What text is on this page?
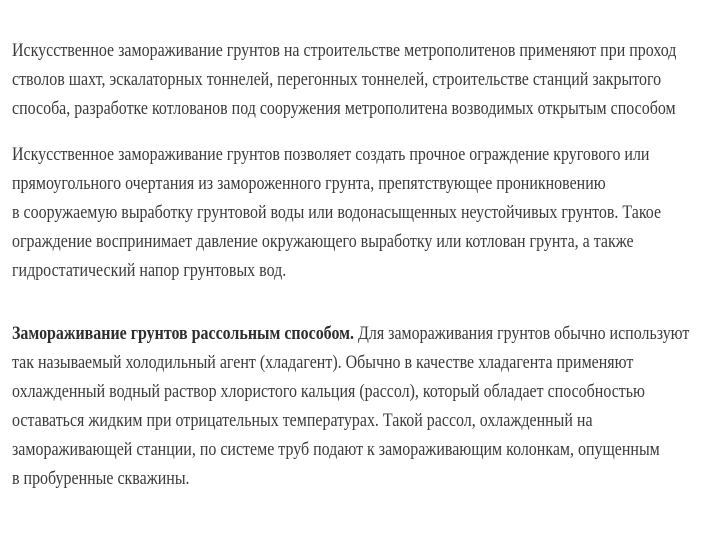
Искусственное замораживание грунтов на строительстве метрополитенов применяют при проход
стволов шахт, эскалаторных тоннелей, перегонных тоннелей, строительстве станций закрытого
способа, разработке котлованов под сооружения метрополитена возводимых открытым способом

Искусственное замораживание грунтов позволяет создать прочное ограждение кругового или
прямоугольного очертания из замороженного грунта, препятствующее проникновению
в сооружаемую выработку грунтовой воды или водонасыщенных неустойчивых грунтов. Такое
ограждение воспринимает давление окружающего выработку или котлован грунта, а также
гидростатический напор грунтовых вод.

Замораживание грунтов рассольным способом. Для замораживания грунтов обычно используют
так называемый холодильный агент (хладагент). Обычно в качестве хладагента применяют
охлажденный водный раствор хлористого кальция (рассол), который обладает способностью
оставаться жидким при отрицательных температурах. Такой рассол, охлажденный на
замораживающей станции, по системе труб подают к замораживающим колонкам, опущенным
в пробуренные скважины.
